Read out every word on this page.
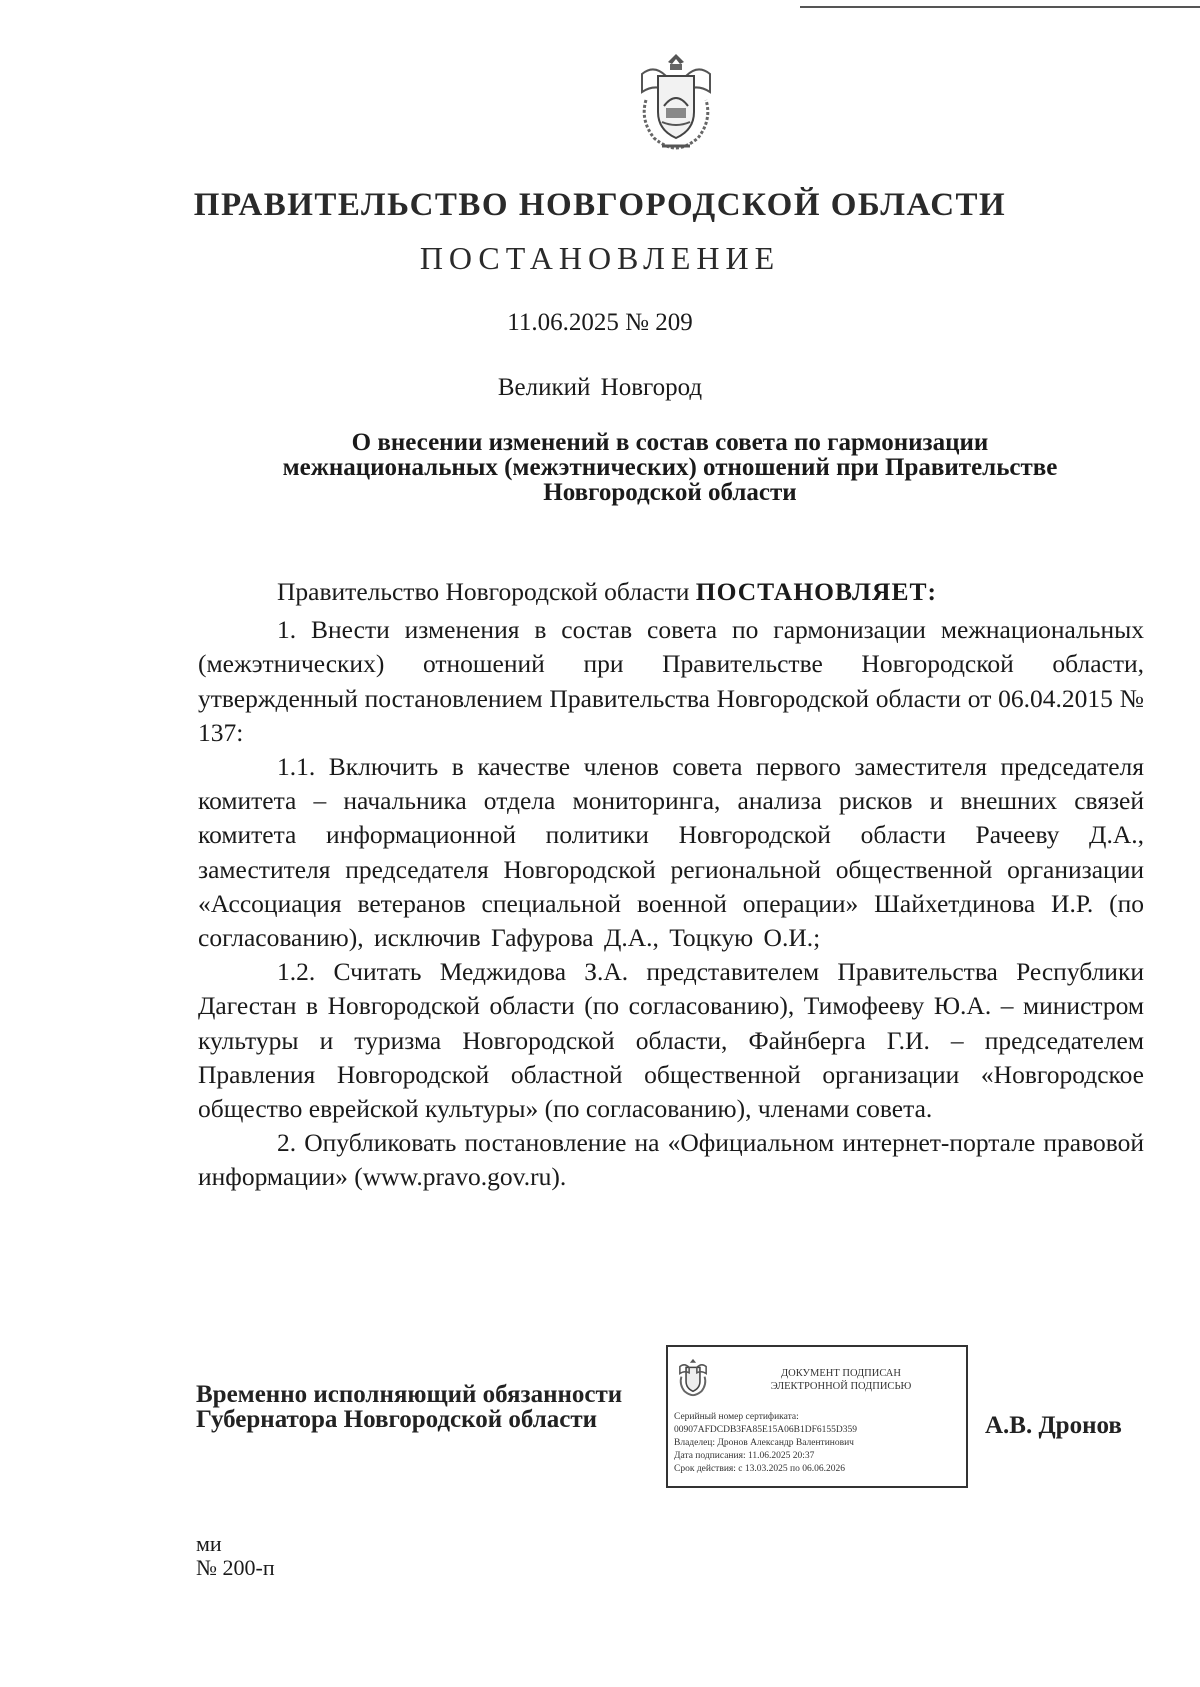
ПРАВИТЕЛЬСТВО НОВГОРОДСКОЙ ОБЛАСТИ
ПОСТАНОВЛЕНИЕ
11.06.2025 № 209
Великий Новгород
О внесении изменений в состав совета по гармонизации
межнациональных (межэтнических) отношений при Правительстве
Новгородской области

Правительство Новгородской области ПОСТАНОВЛЯЕТ:

1. Внести изменения в состав совета по гармонизации межнациональных (межэтнических) отношений при Правительстве Новгородской области, утвержденный постановлением Правительства Новгородской области от 06.04.2015 № 137:

1.1. Включить в качестве членов совета первого заместителя председателя комитета – начальника отдела мониторинга, анализа рисков и внешних связей комитета информационной политики Новгородской области Рачееву Д.А., заместителя председателя Новгородской региональной общественной организации «Ассоциация ветеранов специальной военной операции» Шайхетдинова И.Р. (по согласованию), исключив Гафурова Д.А., Тоцкую О.И.;

1.2. Считать Меджидова З.А. представителем Правительства Республики Дагестан в Новгородской области (по согласованию), Тимофееву Ю.А. – министром культуры и туризма Новгородской области, Файнберга Г.И. – председателем Правления Новгородской областной общественной организации «Новгородское общество еврейской культуры» (по согласованию), членами совета.

2. Опубликовать постановление на «Официальном интернет-портале правовой информации» (www.pravo.gov.ru).

Временно исполняющий обязанности
Губернатора Новгородской области
ДОКУМЕНТ ПОДПИСАН
ЭЛЕКТРОННОЙ ПОДПИСЬЮ
Серийный номер сертификата:
00907AFDCDB3FA85E15A06B1DF6155D359
Владелец: Дронов Александр Валентинович
Дата подписания: 11.06.2025 20:37
Срок действия: с 13.03.2025 по 06.06.2026
А.В. Дронов
ми
№ 200-п
